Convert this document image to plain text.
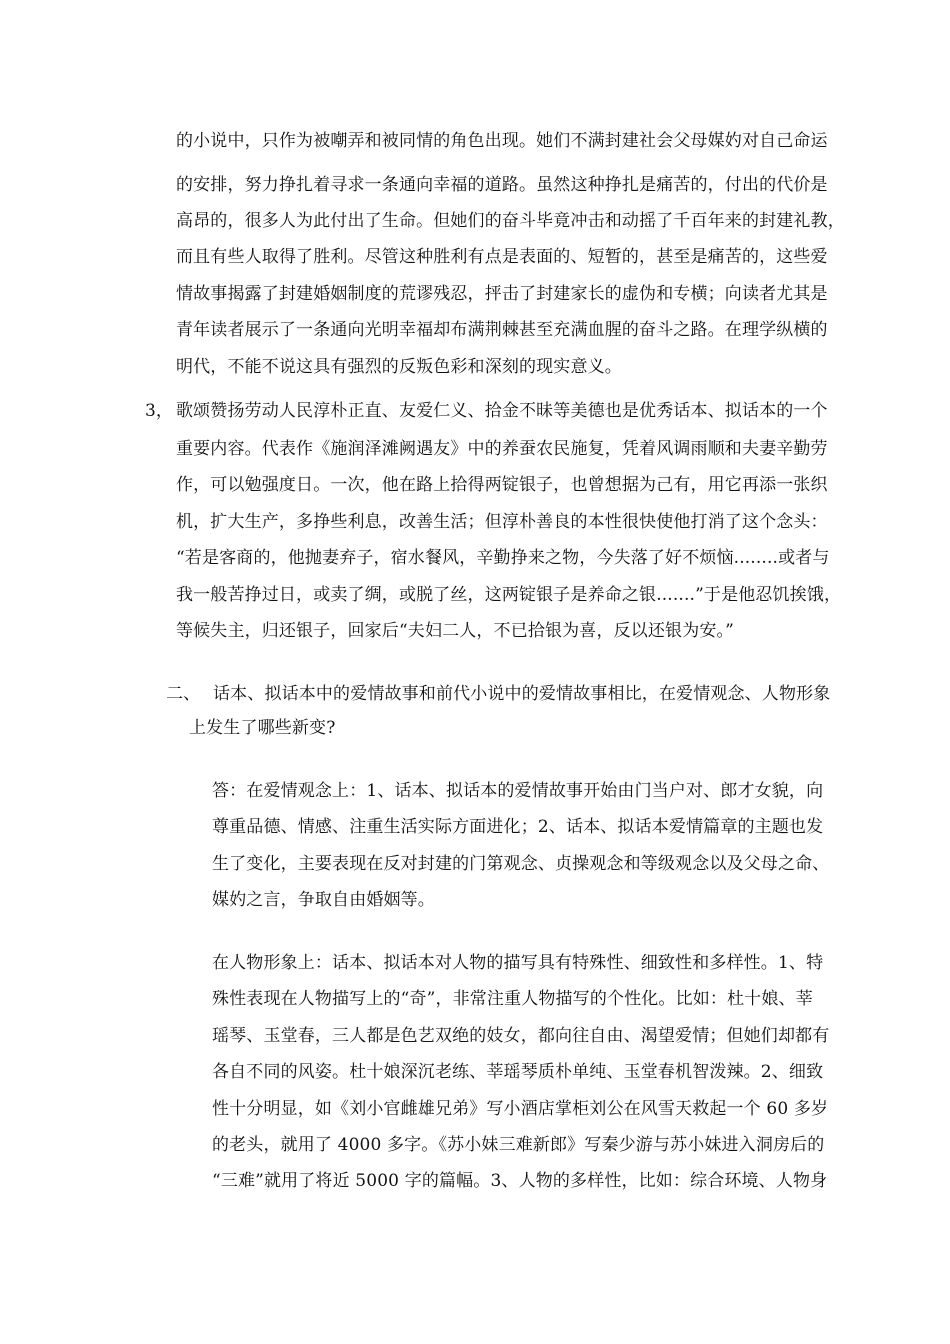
的小说中，只作为被嘲弄和被同情的角色出现。她们不满封建社会父母媒妁对自己命运
的安排，努力挣扎着寻求一条通向幸福的道路。虽然这种挣扎是痛苦的，付出的代价是
高昂的，很多人为此付出了生命。但她们的奋斗毕竟冲击和动摇了千百年来的封建礼教，
而且有些人取得了胜利。尽管这种胜利有点是表面的、短暂的，甚至是痛苦的，这些爱
情故事揭露了封建婚姻制度的荒谬残忍，抨击了封建家长的虚伪和专横；向读者尤其是
青年读者展示了一条通向光明幸福却布满荆棘甚至充满血腥的奋斗之路。在理学纵横的
明代，不能不说这具有强烈的反叛色彩和深刻的现实意义。
3， 歌颂赞扬劳动人民淳朴正直、友爱仁义、拾金不昧等美德也是优秀话本、拟话本的一个
重要内容。代表作《施润泽滩阙遇友》中的养蚕农民施复，凭着风调雨顺和夫妻辛勤劳
作，可以勉强度日。一次，他在路上拾得两锭银子，也曾想据为己有，用它再添一张织
机，扩大生产，多挣些利息，改善生活；但淳朴善良的本性很快使他打消了这个念头：
“若是客商的，他抛妻弃子，宿水餐风，辛勤挣来之物，今失落了好不烦恼........或者与
我一般苦挣过日，或卖了绸，或脱了丝，这两锭银子是养命之银.......”于是他忍饥挨饿，
等候失主，归还银子，回家后“夫妇二人，不已拾银为喜，反以还银为安。”
二、 话本、拟话本中的爱情故事和前代小说中的爱情故事相比，在爱情观念、人物形象
上发生了哪些新变?
答：在爱情观念上：1、话本、拟话本的爱情故事开始由门当户对、郎才女貌，向
尊重品德、情感、注重生活实际方面进化；2、话本、拟话本爱情篇章的主题也发
生了变化，主要表现在反对封建的门第观念、贞操观念和等级观念以及父母之命、
媒妁之言，争取自由婚姻等。
在人物形象上：话本、拟话本对人物的描写具有特殊性、细致性和多样性。1、特
殊性表现在人物描写上的“奇”，非常注重人物描写的个性化。比如：杜十娘、莘
瑶琴、玉堂春，三人都是色艺双绝的妓女，都向往自由、渴望爱情；但她们却都有
各自不同的风姿。杜十娘深沉老练、莘瑶琴质朴单纯、玉堂春机智泼辣。2、细致
性十分明显，如《刘小官雌雄兄弟》写小酒店掌柜刘公在风雪天救起一个 60 多岁
的老头，就用了 4000 多字。《苏小妹三难新郎》写秦少游与苏小妹进入洞房后的
“三难”就用了将近 5000 字的篇幅。3、人物的多样性，比如：综合环境、人物身
